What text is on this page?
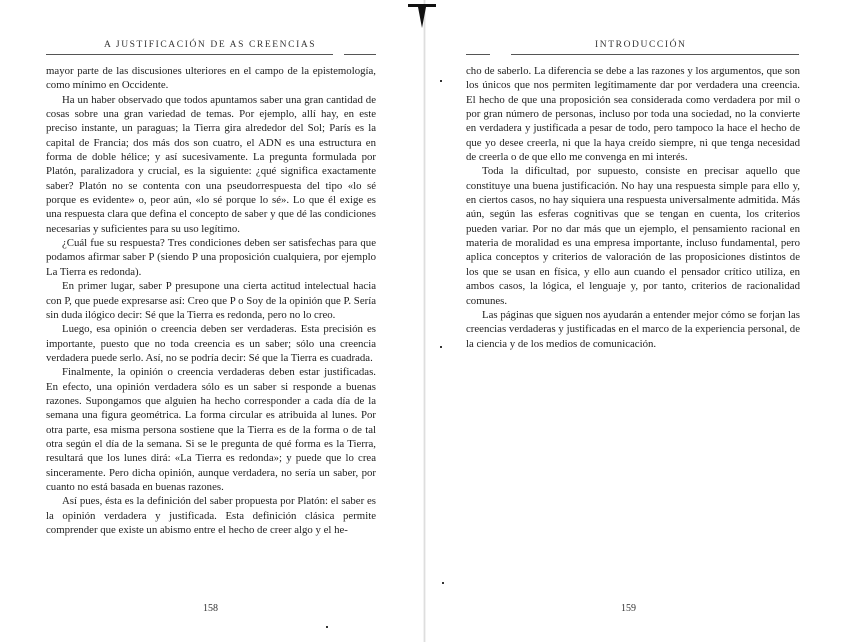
A JUSTIFICACIÓN DE AS CREENCIAS

mayor parte de las discusiones ulteriores en el campo de la epistemología, como mínimo en Occidente.

Ha un haber observado que todos apuntamos saber una gran cantidad de cosas sobre una gran variedad de temas. Por ejemplo, allí hay, en este preciso instante, un paraguas; la Tierra gira alrededor del Sol; París es la capital de Francia; dos más dos son cuatro, el ADN es una estructura en forma de doble hélice; y así sucesivamente. La pregunta formulada por Platón, paralizadora y crucial, es la siguiente: ¿qué significa exactamente saber? Platón no se contenta con una pseudorrespuesta del tipo «lo sé porque es evidente» o, peor aún, «lo sé porque lo sé». Lo que él exige es una respuesta clara que defina el concepto de saber y que dé las condiciones necesarias y suficientes para su uso legítimo.

¿Cuál fue su respuesta? Tres condiciones deben ser satisfechas para que podamos afirmar saber P (siendo P una proposición cualquiera, por ejemplo La Tierra es redonda).

En primer lugar, saber P presupone una cierta actitud intelectual hacia con P, que puede expresarse así: Creo que P o Soy de la opinión que P. Sería sin duda ilógico decir: Sé que la Tierra es redonda, pero no lo creo.

Luego, esa opinión o creencia deben ser verdaderas. Esta precisión es importante, puesto que no toda creencia es un saber; sólo una creencia verdadera puede serlo. Así, no se podría decir: Sé que la Tierra es cuadrada.

Finalmente, la opinión o creencia verdaderas deben estar justificadas. En efecto, una opinión verdadera sólo es un saber si responde a buenas razones. Supongamos que alguien ha hecho corresponder a cada día de la semana una figura geométrica. La forma circular es atribuida al lunes. Por otra parte, esa misma persona sostiene que la Tierra es de la forma o de tal otra según el día de la semana. Si se le pregunta de qué forma es la Tierra, resultará que los lunes dirá: «La Tierra es redonda»; y puede que lo crea sinceramente. Pero dicha opinión, aunque verdadera, no sería un saber, por cuanto no está basada en buenas razones.

Así pues, ésta es la definición del saber propuesta por Platón: el saber es la opinión verdadera y justificada. Esta definición clásica permite comprender que existe un abismo entre el hecho de creer algo y el he-

158
INTRODUCCIÓN

cho de saberlo. La diferencia se debe a las razones y los argumentos, que son los únicos que nos permiten legítimamente dar por verdadera una creencia. El hecho de que una proposición sea considerada como verdadera por mil o por gran número de personas, incluso por toda una sociedad, no la convierte en verdadera y justificada a pesar de todo, pero tampoco la hace el hecho de que yo desee creerla, ni que la haya creído siempre, ni que tenga necesidad de creerla o de que ello me convenga en mi interés.

Toda la dificultad, por supuesto, consiste en precisar aquello que constituye una buena justificación. No hay una respuesta simple para ello y, en ciertos casos, no hay siquiera una respuesta universalmente admitida. Más aún, según las esferas cognitivas que se tengan en cuenta, los criterios pueden variar. Por no dar más que un ejemplo, el pensamiento racional en materia de moralidad es una empresa importante, incluso fundamental, pero aplica conceptos y criterios de valoración de las proposiciones distintos de los que se usan en física, y ello aun cuando el pensador crítico utiliza, en ambos casos, la lógica, el lenguaje y, por tanto, criterios de racionalidad comunes.

Las páginas que siguen nos ayudarán a entender mejor cómo se forjan las creencias verdaderas y justificadas en el marco de la experiencia personal, de la ciencia y de los medios de comunicación.

159
